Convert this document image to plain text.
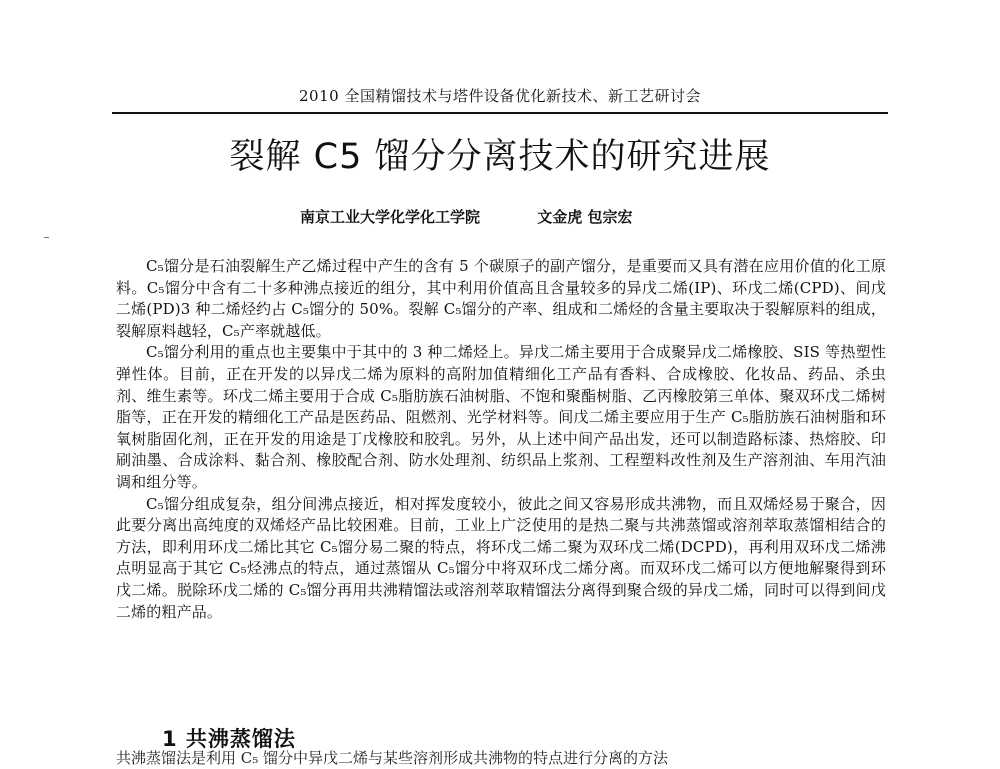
2010 全国精馏技术与塔件设备优化新技术、新工艺研讨会
裂解 C5 馏分分离技术的研究进展
南京工业大学化学化工学院	文金虎 包宗宏

C₅馏分是石油裂解生产乙烯过程中产生的含有 5 个碳原子的副产馏分，是重要而又具有潜在应用价值的化工原料。C₅馏分中含有二十多种沸点接近的组分，其中利用价值高且含量较多的异戊二烯(IP)、环戊二烯(CPD)、间戊二烯(PD)3 种二烯烃约占 C₅馏分的 50%。裂解 C₅馏分的产率、组成和二烯烃的含量主要取决于裂解原料的组成，裂解原料越轻，C₅产率就越低。

C₅馏分利用的重点也主要集中于其中的 3 种二烯烃上。异戊二烯主要用于合成聚异戊二烯橡胶、SIS 等热塑性弹性体。目前，正在开发的以异戊二烯为原料的高附加值精细化工产品有香料、合成橡胶、化妆品、药品、杀虫剂、维生素等。环戊二烯主要用于合成 C₅脂肪族石油树脂、不饱和聚酯树脂、乙丙橡胶第三单体、聚双环戊二烯树脂等，正在开发的精细化工产品是医药品、阻燃剂、光学材料等。间戊二烯主要应用于生产 C₅脂肪族石油树脂和环氧树脂固化剂，正在开发的用途是丁戊橡胶和胶乳。另外，从上述中间产品出发，还可以制造路标漆、热熔胶、印刷油墨、合成涂料、黏合剂、橡胶配合剂、防水处理剂、纺织品上浆剂、工程塑料改性剂及生产溶剂油、车用汽油调和组分等。

C₅馏分组成复杂，组分间沸点接近，相对挥发度较小，彼此之间又容易形成共沸物，而且双烯烃易于聚合，因此要分离出高纯度的双烯烃产品比较困难。目前，工业上广泛使用的是热二聚与共沸蒸馏或溶剂萃取蒸馏相结合的方法，即利用环戊二烯比其它 C₅馏分易二聚的特点，将环戊二烯二聚为双环戊二烯(DCPD)，再利用双环戊二烯沸点明显高于其它 C₅烃沸点的特点，通过蒸馏从 C₅馏分中将双环戊二烯分离。而双环戊二烯可以方便地解聚得到环戊二烯。脱除环戊二烯的 C₅馏分再用共沸精馏法或溶剂萃取精馏法分离得到聚合级的异戊二烯，同时可以得到间戊二烯的粗产品。

1 共沸蒸馏法
共沸蒸馏法是利用 C₅ 馏分中异戊二烯与某些溶剂形成共沸物的特点进行分离的方法
